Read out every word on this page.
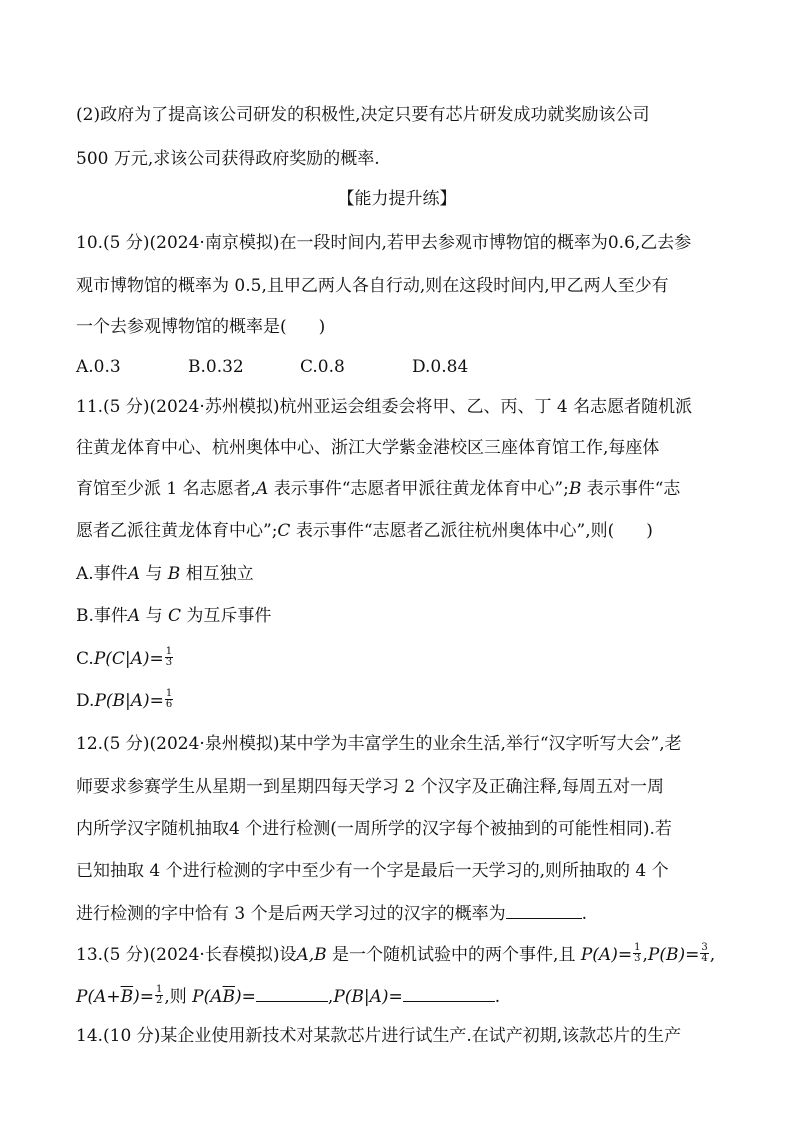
(2)政府为了提高该公司研发的积极性,决定只要有芯片研发成功就奖励该公司
500 万元,求该公司获得政府奖励的概率.
【能力提升练】
10.(5 分)(2024·南京模拟)在一段时间内,若甲去参观市博物馆的概率为0.6,乙去参
观市博物馆的概率为 0.5,且甲乙两人各自行动,则在这段时间内,甲乙两人至少有
一个去参观博物馆的概率是( )
A.0.3	B.0.32	C.0.8	D.0.84
11.(5 分)(2024·苏州模拟)杭州亚运会组委会将甲、乙、丙、丁 4 名志愿者随机派
往黄龙体育中心、杭州奥体中心、浙江大学紫金港校区三座体育馆工作,每座体
育馆至少派 1 名志愿者,A 表示事件“志愿者甲派往黄龙体育中心”;B 表示事件“志
愿者乙派往黄龙体育中心”;C 表示事件“志愿者乙派往杭州奥体中心”,则( )
A.事件A 与 B 相互独立
B.事件A 与 C 为互斥事件
$C.P(C|A)= \frac{1}{3}$
$D.P(B|A)= \frac{1}{6}$
12.(5 分)(2024·泉州模拟)某中学为丰富学生的业余生活,举行“汉字听写大会”,老
师要求参赛学生从星期一到星期四每天学习 2 个汉字及正确注释,每周五对一周
内所学汉字随机抽取4 个进行检测(一周所学的汉字每个被抽到的可能性相同).若
已知抽取 4 个进行检测的字中至少有一个字是最后一天学习的,则所抽取的 4 个
进行检测的字中恰有 3 个是后两天学习过的汉字的概率为	.
13.(5 分)(2024·长春模拟)设A,B 是一个随机试验中的两个事件,且 $P(A)= \frac{1}{3} ,P(B)= \frac{3}{4}$ ,
$P(A+\overline{B})= \frac{1}{2}$ ,则 $P(A\overline{B})=$	,P(B|A)=	.
14.(10 分)某企业使用新技术对某款芯片进行试生产.在试产初期,该款芯片的生产
